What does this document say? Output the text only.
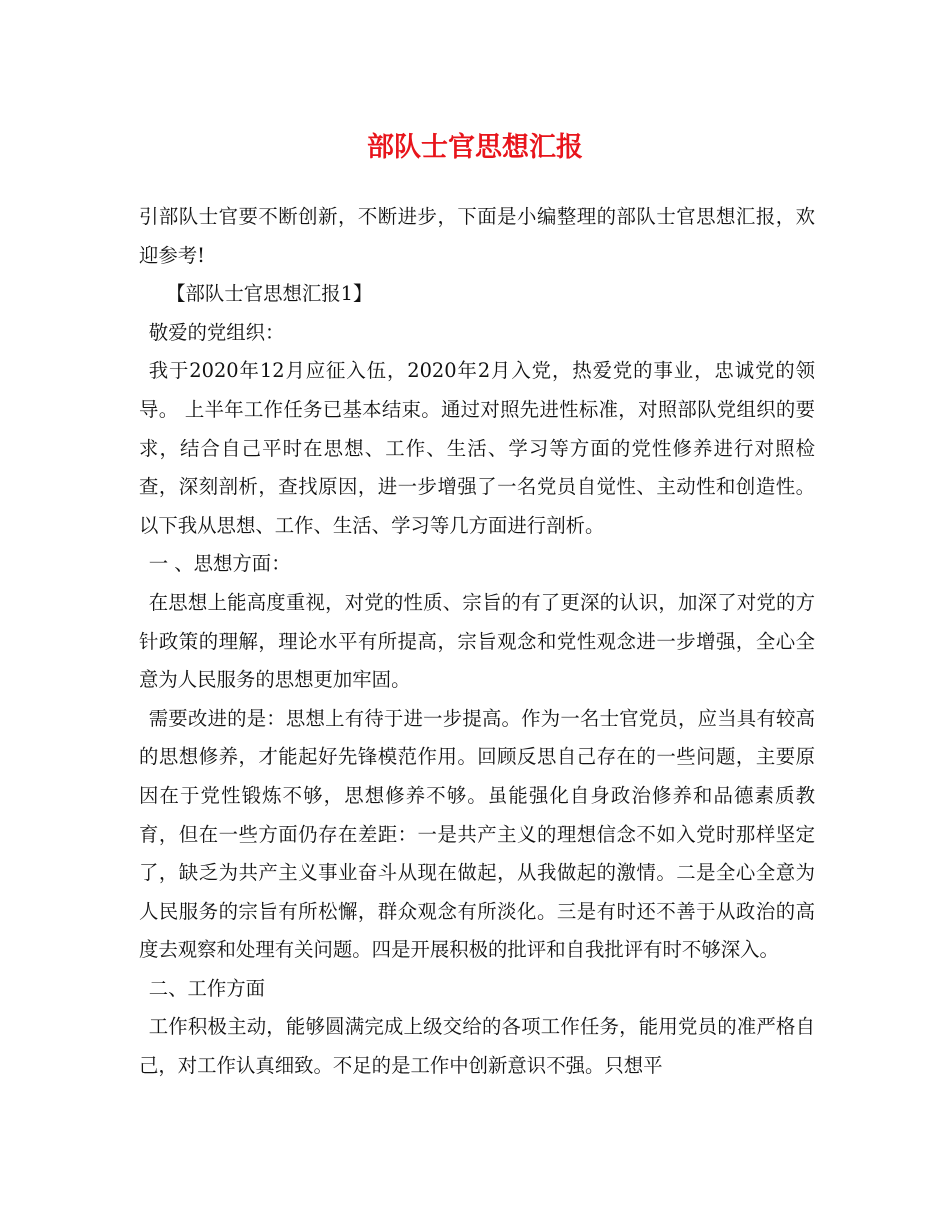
部队士官思想汇报

引部队士官要不断创新，不断进步，下面是小编整理的部队士官思想汇报，欢迎参考!

【部队士官思想汇报1】

敬爱的党组织：

我于2020年12月应征入伍，2020年2月入党，热爱党的事业，忠诚党的领导。 上半年工作任务已基本结束。通过对照先进性标准，对照部队党组织的要求，结合自己平时在思想、工作、生活、学习等方面的党性修养进行对照检查，深刻剖析，查找原因，进一步增强了一名党员自觉性、主动性和创造性。 以下我从思想、工作、生活、学习等几方面进行剖析。

一 、思想方面：

在思想上能高度重视，对党的性质、宗旨的有了更深的认识，加深了对党的方针政策的理解，理论水平有所提高，宗旨观念和党性观念进一步增强，全心全意为人民服务的思想更加牢固。

需要改进的是：思想上有待于进一步提高。作为一名士官党员，应当具有较高的思想修养，才能起好先锋模范作用。回顾反思自己存在的一些问题，主要原因在于党性锻炼不够，思想修养不够。虽能强化自身政治修养和品德素质教育，但在一些方面仍存在差距：一是共产主义的理想信念不如入党时那样坚定了，缺乏为共产主义事业奋斗从现在做起，从我做起的激情。二是全心全意为人民服务的宗旨有所松懈，群众观念有所淡化。三是有时还不善于从政治的高度去观察和处理有关问题。四是开展积极的批评和自我批评有时不够深入。

二、工作方面

工作积极主动，能够圆满完成上级交给的各项工作任务，能用党员的准严格自己，对工作认真细致。不足的是工作中创新意识不强。只想平
